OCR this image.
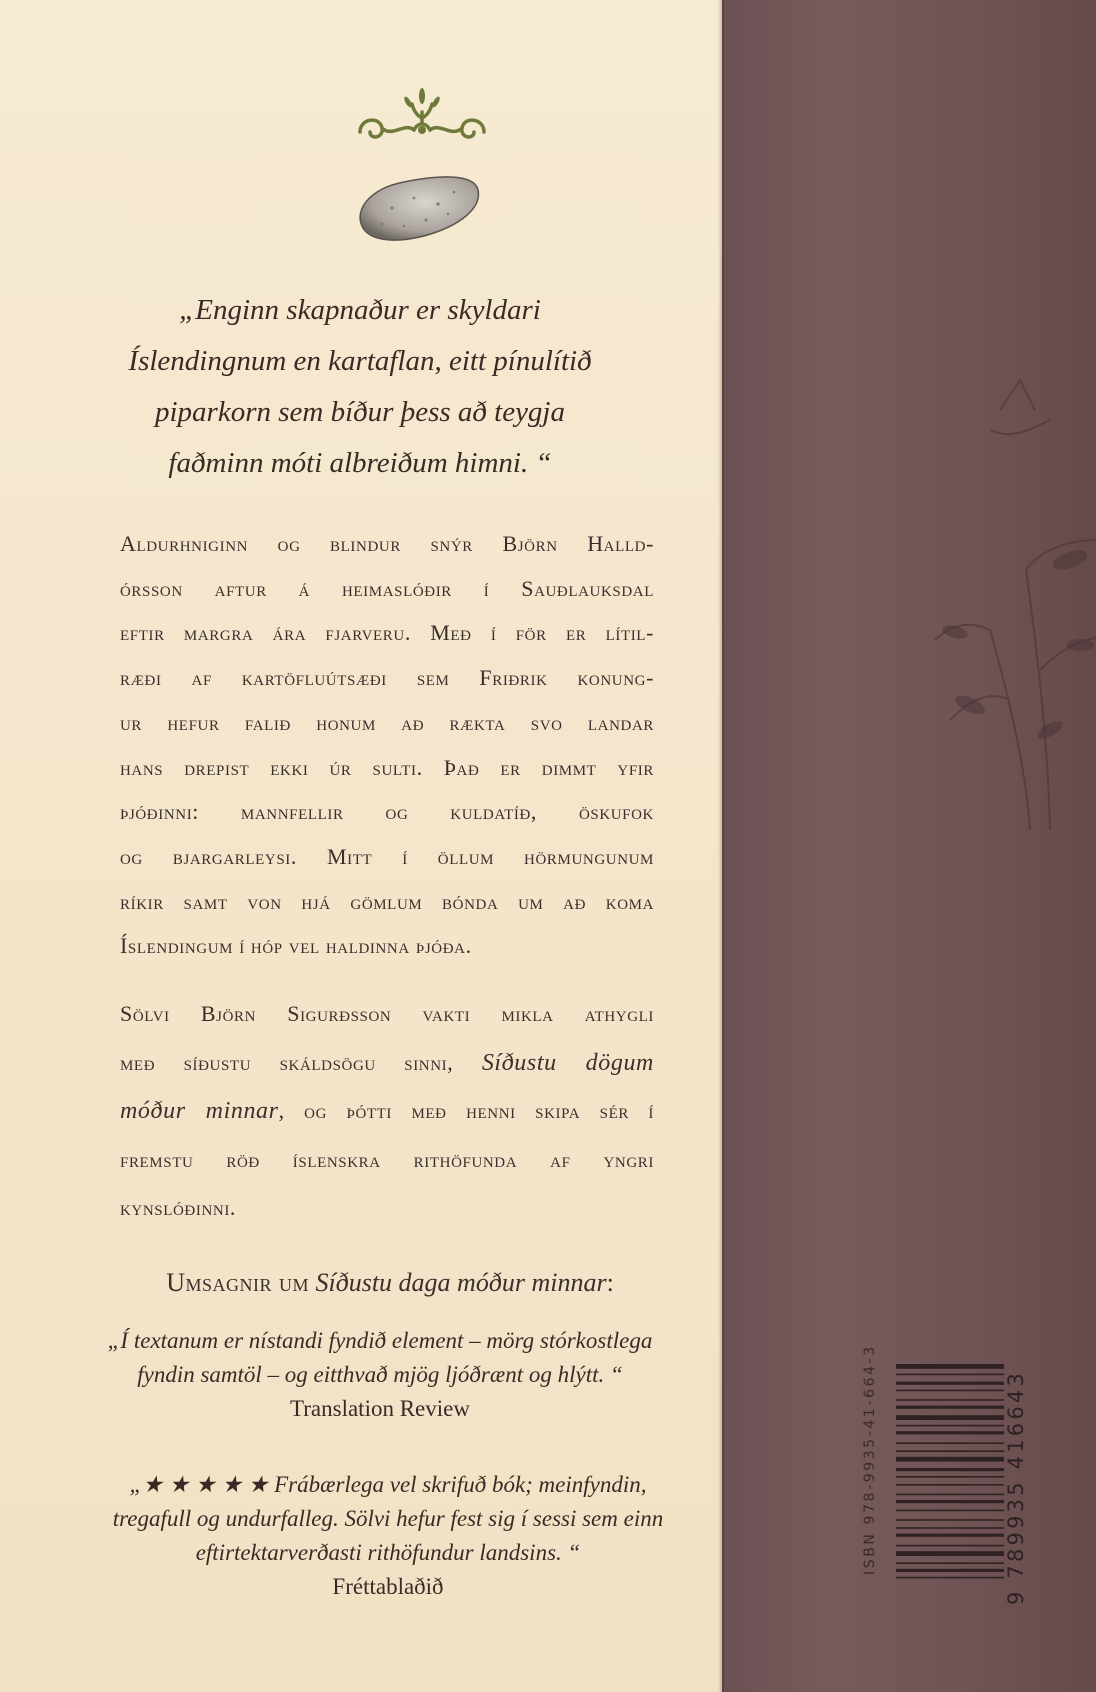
„Enginn skapnaður er skyldari
Íslendingnum en kartaflan, eitt pínulítið
piparkorn sem bíður þess að teygja
faðminn móti albreiðum himni. “
Aldurhniginn og blindur snýr Björn Halld-
órsson aftur á heimaslóðir í Sauðlauksdal
eftir margra ára fjarveru. Með í för er lítil-
ræði af kartöfluútsæði sem Friðrik konung-
ur hefur falið honum að rækta svo landar
hans drepist ekki úr sulti. Það er dimmt yfir
þjóðinni: mannfellir og kuldatíð, öskufok
og bjargarleysi. Mitt í öllum hörmungunum
ríkir samt von hjá gömlum bónda um að koma
Íslendingum í hóp vel haldinna þjóða.
Sölvi Björn Sigurðsson vakti mikla athygli
með síðustu skáldsögu sinni, Síðustu dögum
móður minnar, og þótti með henni skipa sér í
fremstu röð íslenskra rithöfunda af yngri
kynslóðinni.
Umsagnir um Síðustu daga móður minnar:
„Í textanum er nístandi fyndið element – mörg stórkostlega
fyndin samtöl – og eitthvað mjög ljóðrænt og hlýtt. “
Translation Review
„★ ★ ★ ★ ★ Frábærlega vel skrifuð bók; meinfyndin,
tregafull og undurfalleg. Sölvi hefur fest sig í sessi sem einn
eftirtektarverðasti rithöfundur landsins. “
Fréttablaðið
ISBN 978-9935-41-664-3	9 789935 416643
